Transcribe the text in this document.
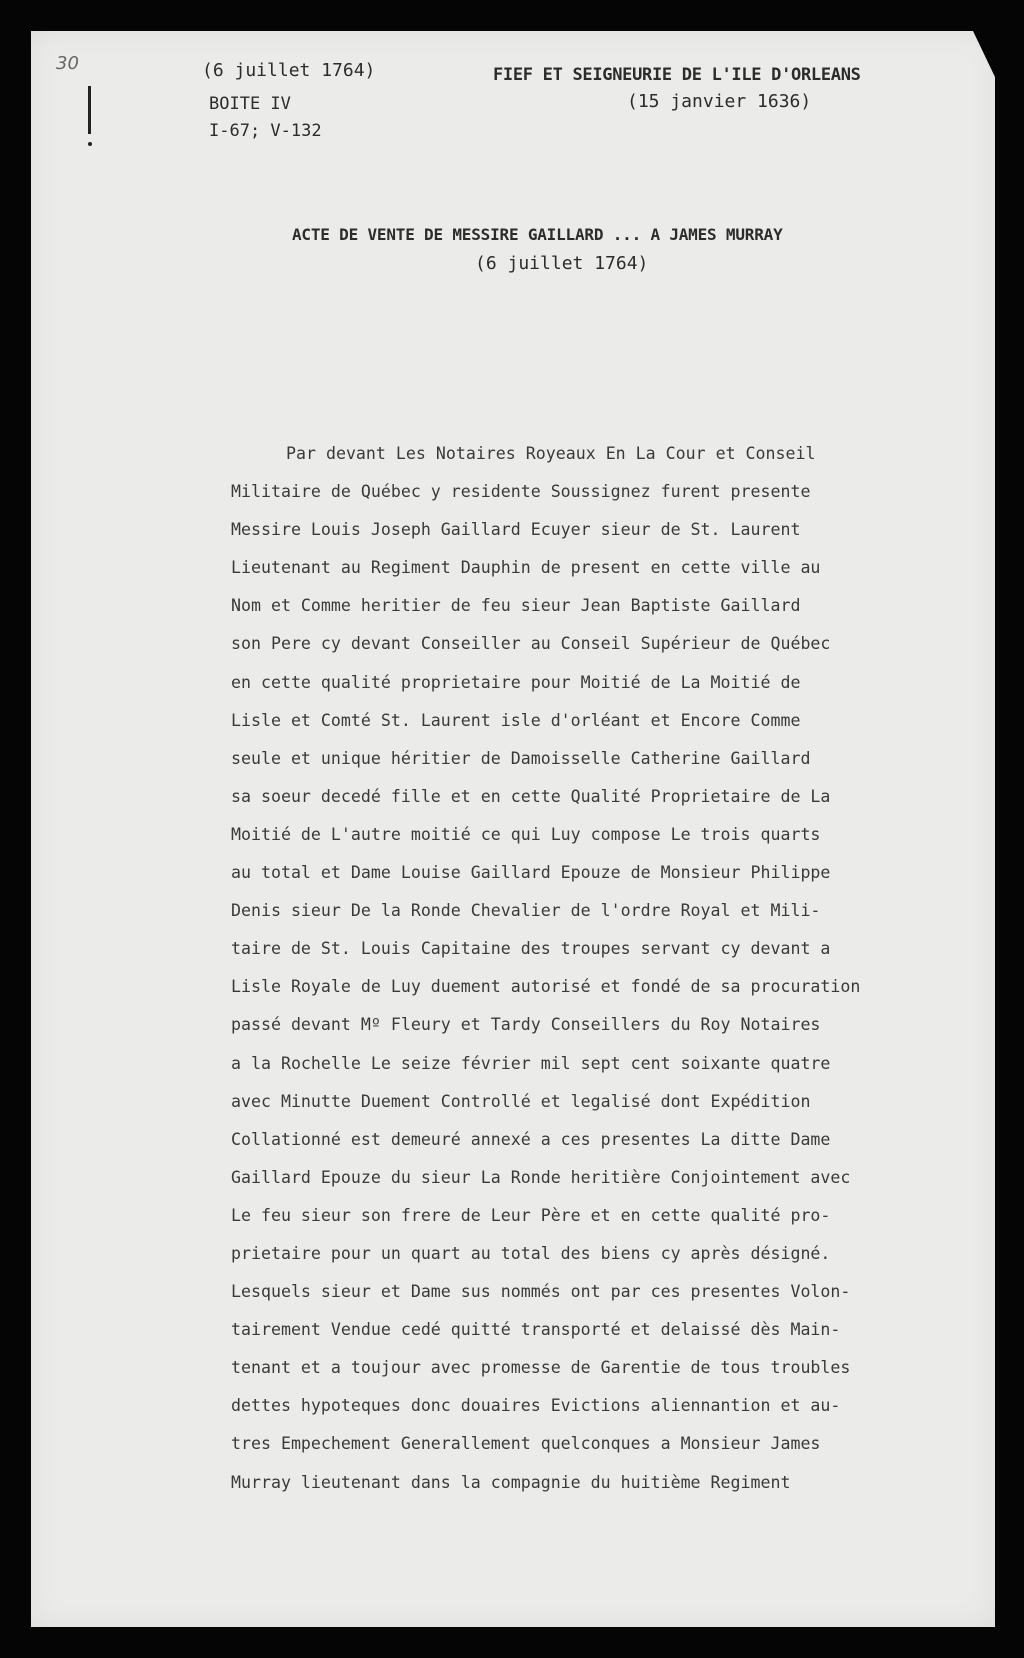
30	(6 juillet 1764)
BOITE IV
I-67; V-132
FIEF ET SEIGNEURIE DE L'ILE D'ORLEANS
(15 janvier 1636)
ACTE DE VENTE DE MESSIRE GAILLARD ... A JAMES MURRAY
(6 juillet 1764)
Par devant Les Notaires Royeaux En La Cour et Conseil
Militaire de Québec y residente Soussignez furent presente
Messire Louis Joseph Gaillard Ecuyer sieur de St. Laurent
Lieutenant au Regiment Dauphin de present en cette ville au
Nom et Comme heritier de feu sieur Jean Baptiste Gaillard
son Pere cy devant Conseiller au Conseil Supérieur de Québec
en cette qualité proprietaire pour Moitié de La Moitié de
Lisle et Comté St. Laurent isle d'orléant et Encore Comme
seule et unique héritier de Damoisselle Catherine Gaillard
sa soeur decedé fille et en cette Qualité Proprietaire de La
Moitié de L'autre moitié ce qui Luy compose Le trois quarts
au total et Dame Louise Gaillard Epouze de Monsieur Philippe
Denis sieur De la Ronde Chevalier de l'ordre Royal et Mili-
taire de St. Louis Capitaine des troupes servant cy devant a
Lisle Royale de Luy duement autorisé et fondé de sa procuration
passé devant Mº Fleury et Tardy Conseillers du Roy Notaires
a la Rochelle Le seize février mil sept cent soixante quatre
avec Minutte Duement Controllé et legalisé dont Expédition
Collationné est demeuré annexé a ces presentes La ditte Dame
Gaillard Epouze du sieur La Ronde heritière Conjointement avec
Le feu sieur son frere de Leur Père et en cette qualité pro-
prietaire pour un quart au total des biens cy après désigné.
Lesquels sieur et Dame sus nommés ont par ces presentes Volon-
tairement Vendue cedé quitté transporté et delaissé dès Main-
tenant et a toujour avec promesse de Garentie de tous troubles
dettes hypoteques donc douaires Evictions aliennantion et au-
tres Empechement Generallement quelconques a Monsieur James
Murray lieutenant dans la compagnie du huitième Regiment
